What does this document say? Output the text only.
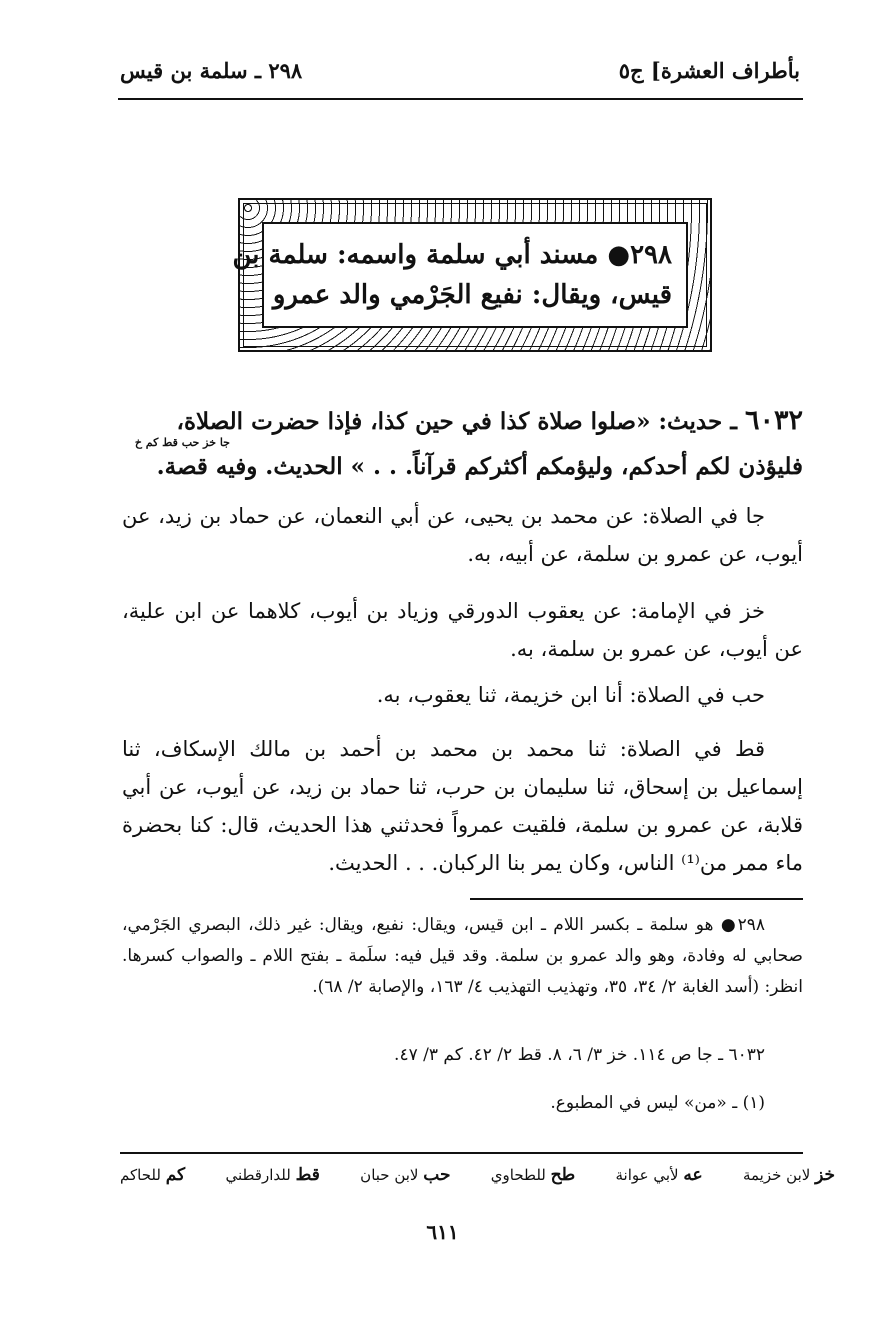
بأطراف العشرة] ج٥
٢٩٨ ـ سلمة بن قيس
٢٩٨● مسند أبي سلمة واسمه: سلمة بن
قيس، ويقال: نفيع الجَرْمي والد عمرو
٦٠٣٢ ـ حديث: «صلوا صلاة كذا في حين كذا، فإذا حضرت الصلاة،
جا خز حب قط كم خ
فليؤذن لكم أحدكم، وليؤمكم أكثركم قرآناً. . . » الحديث. وفيه قصة.
جا في الصلاة: عن محمد بن يحيى، عن أبي النعمان، عن حماد بن زيد، عن أيوب، عن عمرو بن سلمة، عن أبيه، به.
خز في الإمامة: عن يعقوب الدورقي وزياد بن أيوب، كلاهما عن ابن علية، عن أيوب، عن عمرو بن سلمة، به.
حب في الصلاة: أنا ابن خزيمة، ثنا يعقوب، به.
قط في الصلاة: ثنا محمد بن محمد بن أحمد بن مالك الإسكاف، ثنا إسماعيل بن إسحاق، ثنا سليمان بن حرب، ثنا حماد بن زيد، عن أيوب، عن أبي قلابة، عن عمرو بن سلمة، فلقيت عمرواً فحدثني هذا الحديث، قال: كنا بحضرة ماء ممر من⁽¹⁾ الناس، وكان يمر بنا الركبان. . . الحديث.
٢٩٨● هو سلمة ـ بكسر اللام ـ ابن قيس، ويقال: نفيع، ويقال: غير ذلك، البصري الجَرْمي، صحابي له وفادة، وهو والد عمرو بن سلمة. وقد قيل فيه: سلَمة ـ بفتح اللام ـ والصواب كسرها. انظر: (أسد الغابة ٢/ ٣٤، ٣٥، وتهذيب التهذيب ٤/ ١٦٣، والإصابة ٢/ ٦٨).
٦٠٣٢ ـ جا ص ١١٤. خز ٣/ ٦، ٨. قط ٢/ ٤٢. كم ٣/ ٤٧.
(١) ـ «من» ليس في المطبوع.
خز لابن خزيمة
عه لأبي عوانة
طح للطحاوي
حب لابن حبان
قط للدارقطني
كم للحاكم
٦١١
